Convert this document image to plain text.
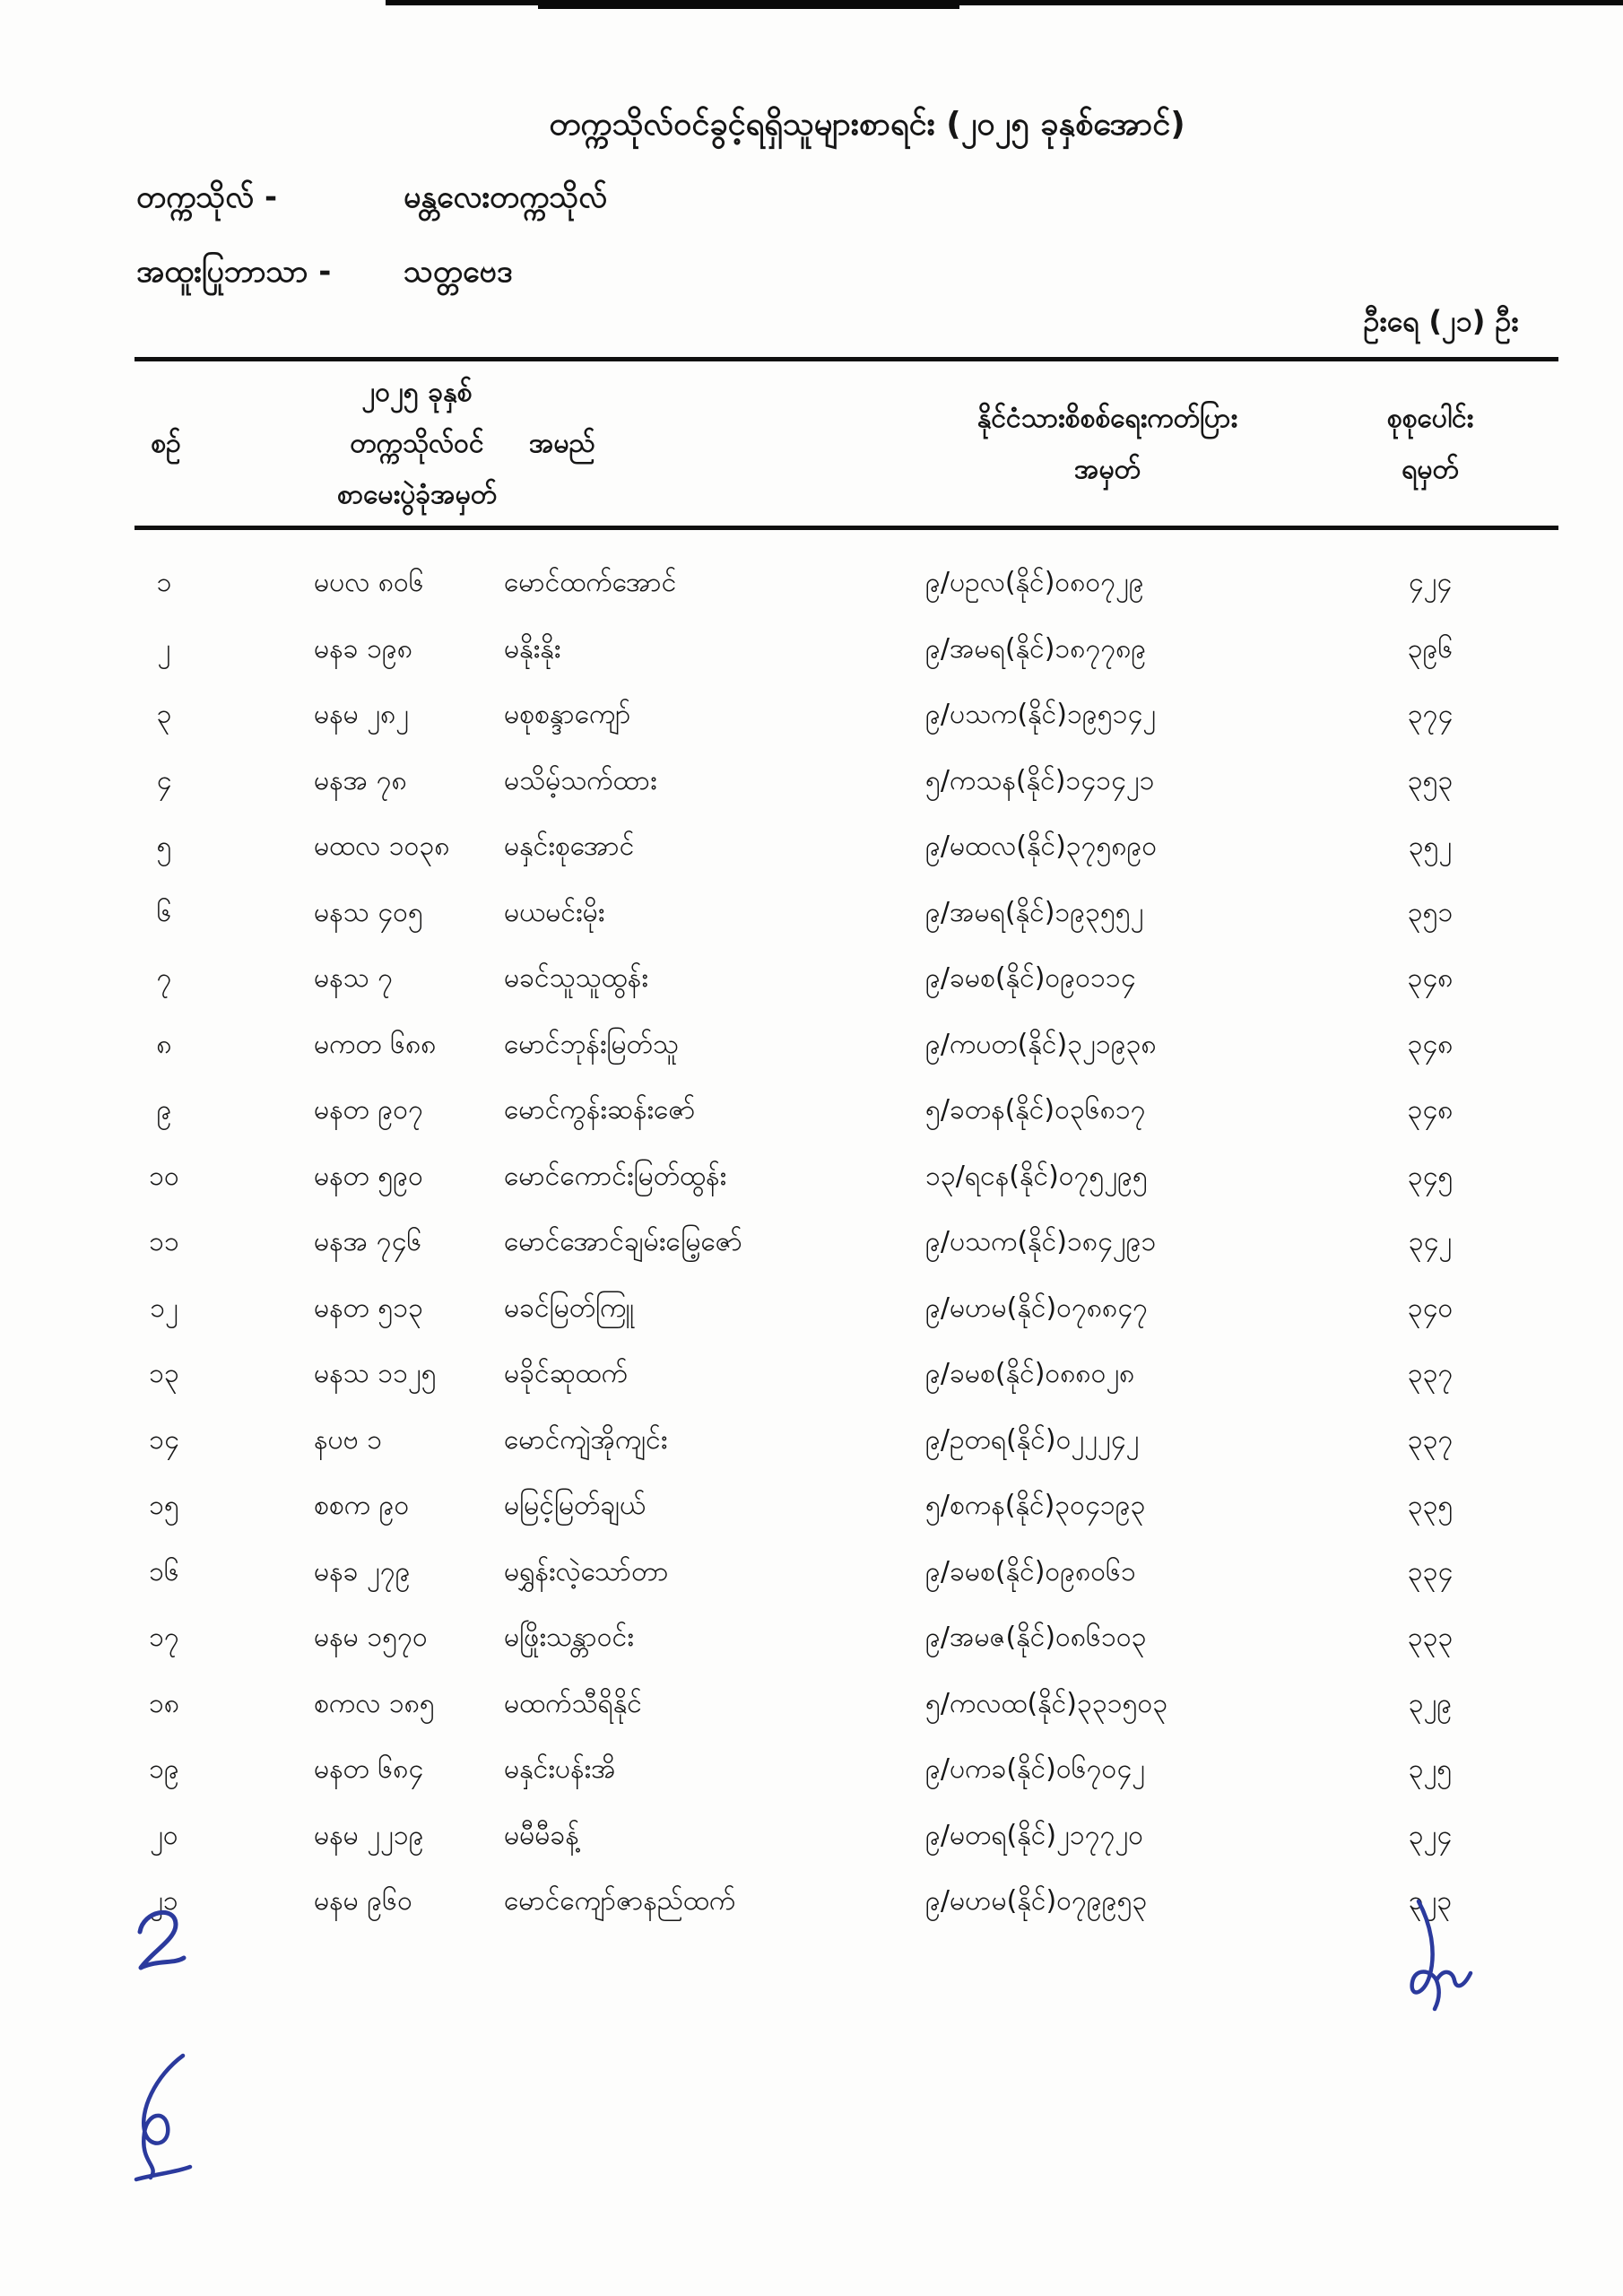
တက္ကသိုလ်ဝင်ခွင့်ရရှိသူများစာရင်း (၂၀၂၅ ခုနှစ်အောင်)
တက္ကသိုလ် -	မန္တလေးတက္ကသိုလ်
အထူးပြုဘာသာ - သတ္တဗေဒ
ဦးရေ (၂၁) ဦး
စဉ်
၂၀၂၅ ခုနှစ်
တက္ကသိုလ်ဝင်
စာမေးပွဲခုံအမှတ်
အမည်
နိုင်ငံသားစိစစ်ရေးကတ်ပြား
အမှတ်
စုစုပေါင်း
ရမှတ်
၁	မပလ ၈၀၆	မောင်ထက်အောင်	၉/ပဥလ(နိုင်)၀၈၀၇၂၉	၄၂၄
၂	မနခ ၁၉၈	မနိုးနိုး	၉/အမရ(နိုင်)၁၈၇၇၈၉	၃၉၆
၃	မနမ ၂၈၂	မစုစန္ဒာကျော်	၉/ပသက(နိုင်)၁၉၅၁၄၂	၃၇၄
၄	မနအ ၇၈	မသိမ့်သက်ထား	၅/ကသန(နိုင်)၁၄၁၄၂၁	၃၅၃
၅	မထလ ၁၀၃၈	မနှင်းစုအောင်	၉/မထလ(နိုင်)၃၇၅၈၉၀	၃၅၂
၆	မနသ ၄၀၅	မယမင်းမိုး	၉/အမရ(နိုင်)၁၉၃၅၅၂	၃၅၁
၇	မနသ ၇	မခင်သူသူထွန်း	၉/ခမစ(နိုင်)၀၉၀၁၁၄	၃၄၈
၈	မကတ ၆၈၈	မောင်ဘုန်းမြတ်သူ	၉/ကပတ(နိုင်)၃၂၁၉၃၈	၃၄၈
၉	မနတ ၉၀၇	မောင်ကွန်းဆန်းဇော်	၅/ခတန(နိုင်)၀၃၆၈၁၇	၃၄၈
၁၀	မနတ ၅၉၀	မောင်ကောင်းမြတ်ထွန်း	၁၃/ရငန(နိုင်)၀၇၅၂၉၅	၃၄၅
၁၁	မနအ ၇၄၆	မောင်အောင်ချမ်းမြေ့ဇော်	၉/ပသက(နိုင်)၁၈၄၂၉၁	၃၄၂
၁၂	မနတ ၅၁၃	မခင်မြတ်ကြူ	၉/မဟမ(နိုင်)၀၇၈၈၄၇	၃၄၀
၁၃	မနသ ၁၁၂၅	မခိုင်ဆုထက်	၉/ခမစ(နိုင်)၀၈၈၀၂၈	၃၃၇
၁၄	နပဗ ၁	မောင်ကျဲအိုကျင်း	၉/ဥတရ(နိုင်)၀၂၂၂၄၂	၃၃၇
၁၅	စစက ၉၀	မမြင့်မြတ်ချယ်	၅/စကန(နိုင်)၃၀၄၁၉၃	၃၃၅
၁၆	မနခ ၂၇၉	မရွှန်းလဲ့သော်တာ	၉/ခမစ(နိုင်)၀၉၈၀၆၁	၃၃၄
၁၇	မနမ ၁၅၇၀	မဖြိုးသန္တာဝင်း	၉/အမဇ(နိုင်)၀၈၆၁၀၃	၃၃၃
၁၈	စကလ ၁၈၅	မထက်သီရိနိုင်	၅/ကလထ(နိုင်)၃၃၁၅၀၃	၃၂၉
၁၉	မနတ ၆၈၄	မနှင်းပန်းအိ	၉/ပကခ(နိုင်)၀၆၇၀၄၂	၃၂၅
၂၀	မနမ ၂၂၁၉	မမီမီခန့်	၉/မတရ(နိုင်)၂၁၇၇၂၀	၃၂၄
၂၁	မနမ ၉၆၀	မောင်ကျော်ဇာနည်ထက်	၉/မဟမ(နိုင်)၀၇၉၉၅၃	၃၂၃
